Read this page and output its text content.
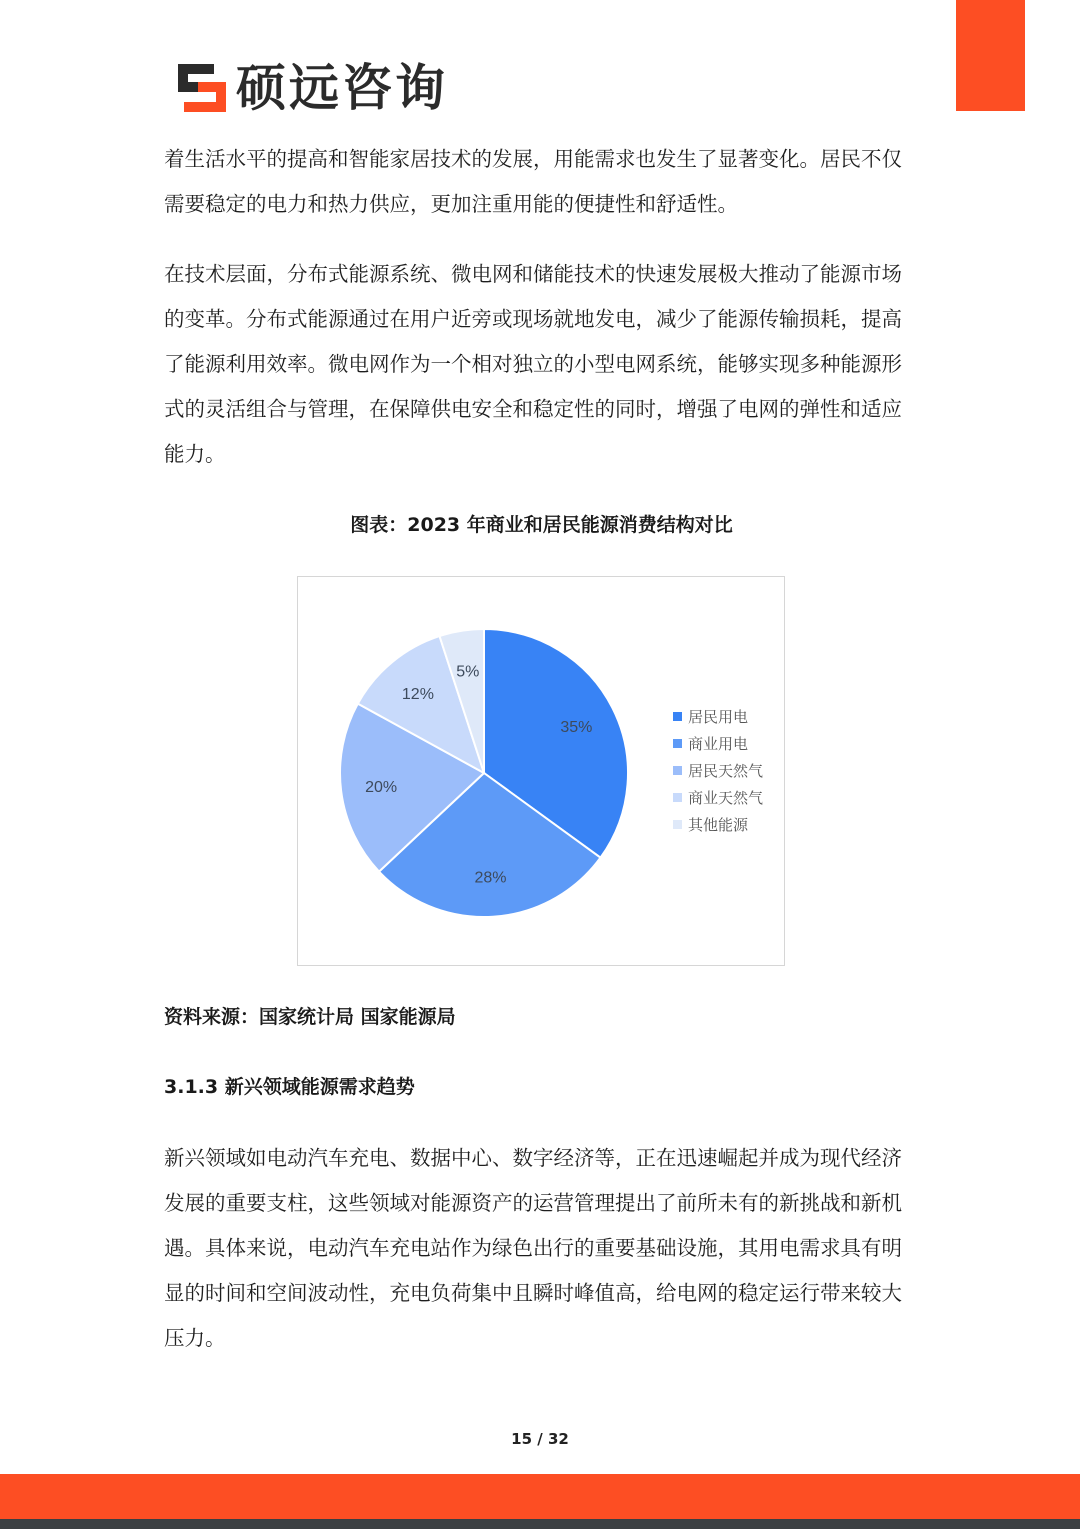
硕远咨询

着生活水平的提高和智能家居技术的发展，用能需求也发生了显著变化。居民不仅需要稳定的电力和热力供应，更加注重用能的便捷性和舒适性。

在技术层面，分布式能源系统、微电网和储能技术的快速发展极大推动了能源市场的变革。分布式能源通过在用户近旁或现场就地发电，减少了能源传输损耗，提高了能源利用效率。微电网作为一个相对独立的小型电网系统，能够实现多种能源形式的灵活组合与管理，在保障供电安全和稳定性的同时，增强了电网的弹性和适应能力。

图表：2023 年商业和居民能源消费结构对比

35%
28%
20%
12%
5%
居民用电
商业用电
居民天然气
商业天然气
其他能源

资料来源：国家统计局 国家能源局

3.1.3 新兴领域能源需求趋势

新兴领域如电动汽车充电、数据中心、数字经济等，正在迅速崛起并成为现代经济发展的重要支柱，这些领域对能源资产的运营管理提出了前所未有的新挑战和新机遇。具体来说，电动汽车充电站作为绿色出行的重要基础设施，其用电需求具有明显的时间和空间波动性，充电负荷集中且瞬时峰值高，给电网的稳定运行带来较大压力。

15 / 32
